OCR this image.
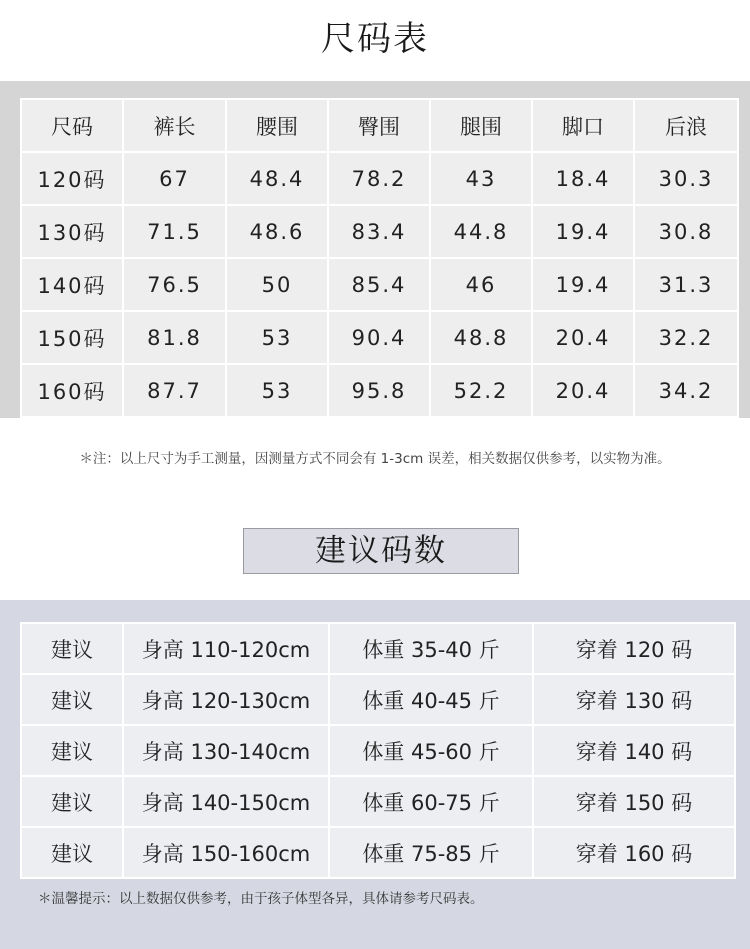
尺码表
尺码	裤长	腰围	臀围	腿围	脚口	后浪
120码	67	48.4	78.2	43	18.4	30.3
130码	71.5	48.6	83.4	44.8	19.4	30.8
140码	76.5	50	85.4	46	19.4	31.3
150码	81.8	53	90.4	48.8	20.4	32.2
160码	87.7	53	95.8	52.2	20.4	34.2
＊注：以上尺寸为手工测量，因测量方式不同会有 1-3cm 误差，相关数据仅供参考，以实物为准。
建议码数
建议	身高 110-120cm	体重 35-40 斤	穿着 120 码
建议	身高 120-130cm	体重 40-45 斤	穿着 130 码
建议	身高 130-140cm	体重 45-60 斤	穿着 140 码
建议	身高 140-150cm	体重 60-75 斤	穿着 150 码
建议	身高 150-160cm	体重 75-85 斤	穿着 160 码
＊温馨提示：以上数据仅供参考，由于孩子体型各异，具体请参考尺码表。
